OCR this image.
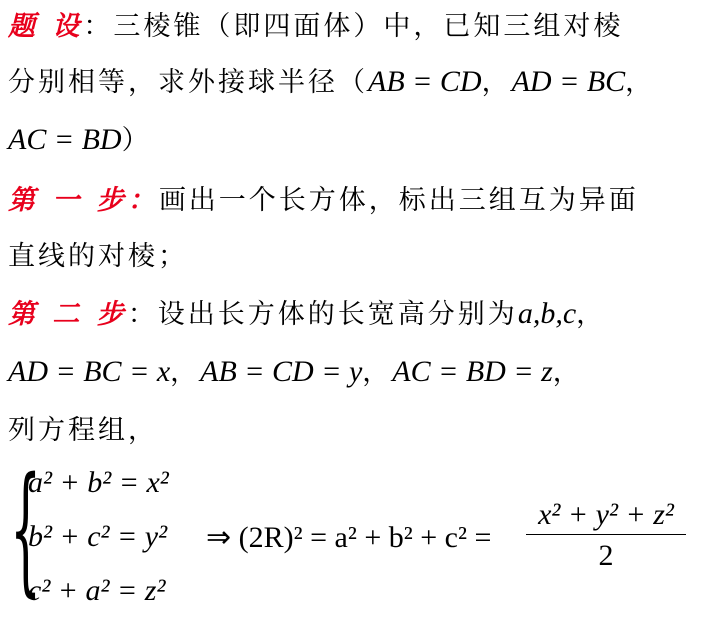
题 设：三棱锥（即四面体）中，已知三组对棱
分别相等，求外接球半径（AB = CD，AD = BC，
AC = BD）
第 一 步：画出一个长方体，标出三组互为异面
直线的对棱；
第 二 步：设出长方体的长宽高分别为a,b,c，
AD = BC = x，AB = CD = y，AC = BD = z，
列方程组，
{
a² + b² = x²
b² + c² = y²
c² + a² = z²
⇒ $(2R)^2 = a^2 + b^2 + c^2 = \frac{\text{x² + y² + z²}}{2}$
